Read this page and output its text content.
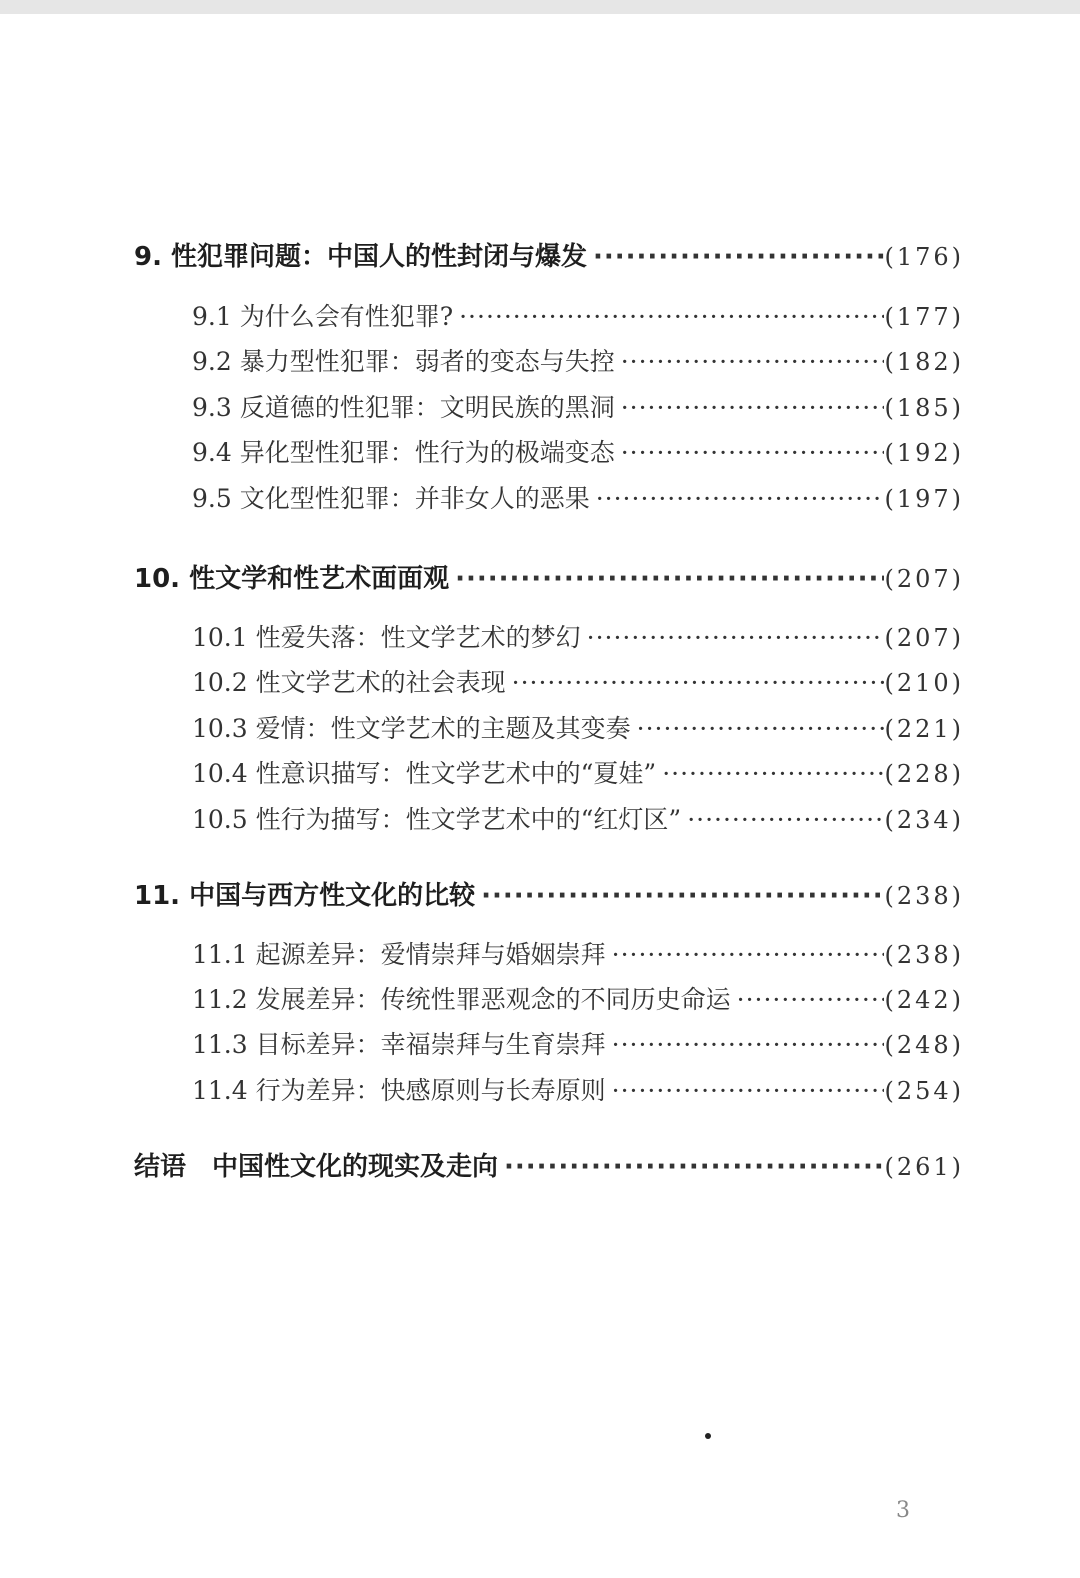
9. 性犯罪问题：中国人的性封闭与爆发 ·····	(176)
9.1 为什么会有性犯罪? ·····	(177)
9.2 暴力型性犯罪：弱者的变态与失控 ·····	(182)
9.3 反道德的性犯罪：文明民族的黑洞 ·····	(185)
9.4 异化型性犯罪：性行为的极端变态 ·····	(192)
9.5 文化型性犯罪：并非女人的恶果 ·····	(197)
10. 性文学和性艺术面面观 ·····	(207)
10.1 性爱失落：性文学艺术的梦幻 ·····	(207)
10.2 性文学艺术的社会表现 ·····	(210)
10.3 爱情：性文学艺术的主题及其变奏 ·····	(221)
10.4 性意识描写：性文学艺术中的“夏娃” ·····	(228)
10.5 性行为描写：性文学艺术中的“红灯区” ·····	(234)
11. 中国与西方性文化的比较 ·····	(238)
11.1 起源差异：爱情崇拜与婚姻崇拜 ·····	(238)
11.2 发展差异：传统性罪恶观念的不同历史命运 ·····	(242)
11.3 目标差异：幸福崇拜与生育崇拜 ·····	(248)
11.4 行为差异：快感原则与长寿原则 ·····	(254)
结语　中国性文化的现实及走向 ·····	(261)
3
